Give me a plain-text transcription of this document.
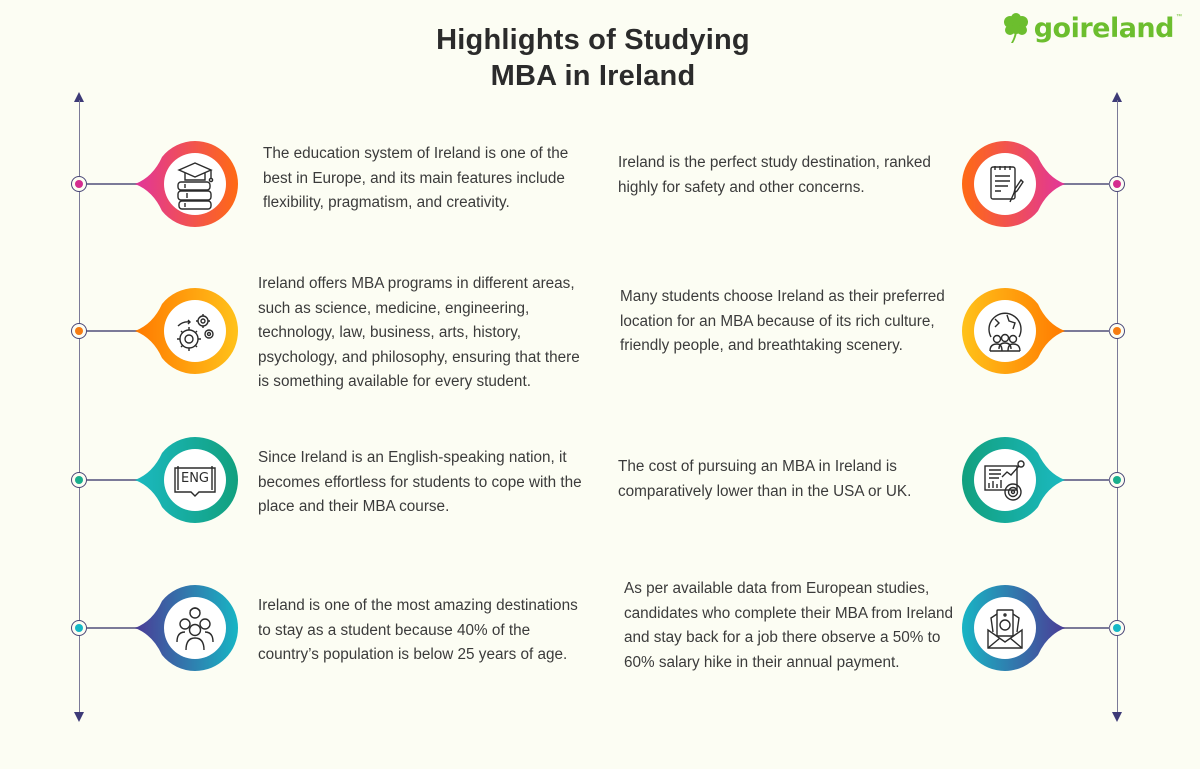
Highlights of Studying
MBA in Ireland
goireland ™
The education system of Ireland is one of the best in Europe, and its main features include flexibility, pragmatism, and creativity.
Ireland offers MBA programs in different areas, such as science, medicine, engineering, technology, law, business, arts, history, psychology, and philosophy, ensuring that there is something available for every student.
ENG
Since Ireland is an English-speaking nation, it becomes effortless for students to cope with the place and their MBA course.
Ireland is one of the most amazing destinations to stay as a student because 40% of the country’s population is below 25 years of age.
Ireland is the perfect study destination, ranked highly for safety and other concerns.
Many students choose Ireland as their preferred location for an MBA because of its rich culture, friendly people, and breathtaking scenery.
The cost of pursuing an MBA in Ireland is comparatively lower than in the USA or UK.
As per available data from European studies, candidates who complete their MBA from Ireland and stay back for a job there observe a 50% to 60% salary hike in their annual payment.
